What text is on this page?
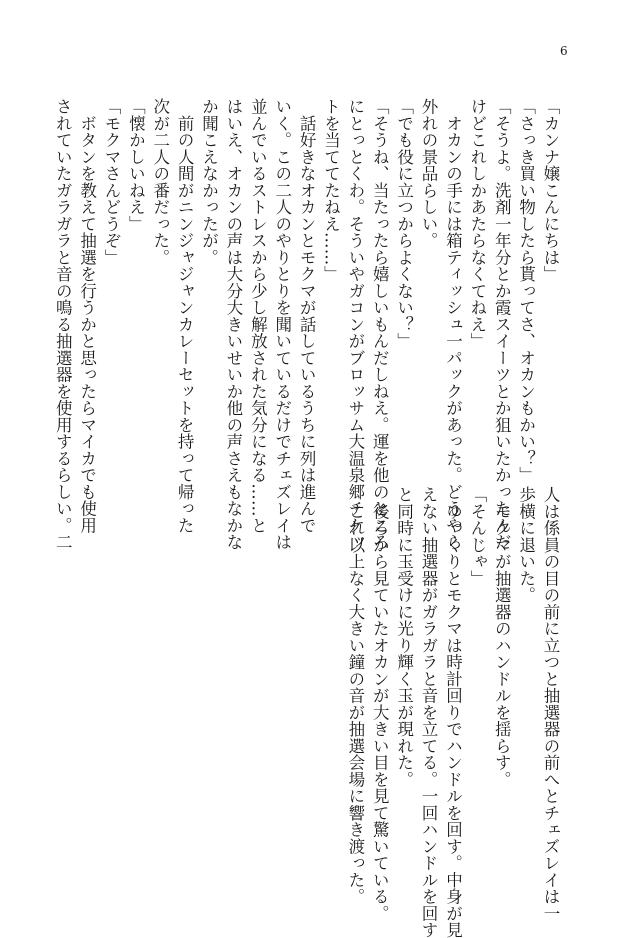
6
「カンナ嬢こんにちは」
「さっき買い物したら貰ってさ、オカンもかい？」
「そうよ。洗剤一年分とか霞スイーツとか狙いたかったんだ
けどこれしかあたらなくてねえ」
　オカンの手には箱ティッシュ一パックがあった。どうやら
外れの景品らしい。
「でも役に立つからよくない？」
「そうね、当たったら嬉しいもんだしねえ。運を他のところ
にとっとくわ。そういやガコンがブロッサム大温泉郷チケッ
トを当ててたねえ……」
　話好きなオカンとモクマが話しているうちに列は進んで
いく。この二人のやりとりを聞いているだけでチェズレイは
並んでいるストレスから少し解放された気分になる……と
はいえ、オカンの声は大分大きいせいか他の声さえもなかな
か聞こえなかったが。
　前の人間がニンジャジャンカレーセットを持って帰った
次が二人の番だった。
「懐かしいねえ」
「モクマさんどうぞ」
　ボタンを教えて抽選を行うかと思ったらマイカでも使用
されていたガラガラと音の鳴る抽選器を使用するらしい。二
人は係員の目の前に立つと抽選器の前へとチェズレイは一
歩横に退いた。
　モクマが抽選器のハンドルを揺らす。
「そんじゃ」
　ゆっくりとモクマは時計回りでハンドルを回す。中身が見
えない抽選器がガラガラと音を立てる。一回ハンドルを回す
と同時に玉受けに光り輝く玉が現れた。
　後ろから見ていたオカンが大きい目を見て驚いている。
　これ以上なく大きい鐘の音が抽選会場に響き渡った。
